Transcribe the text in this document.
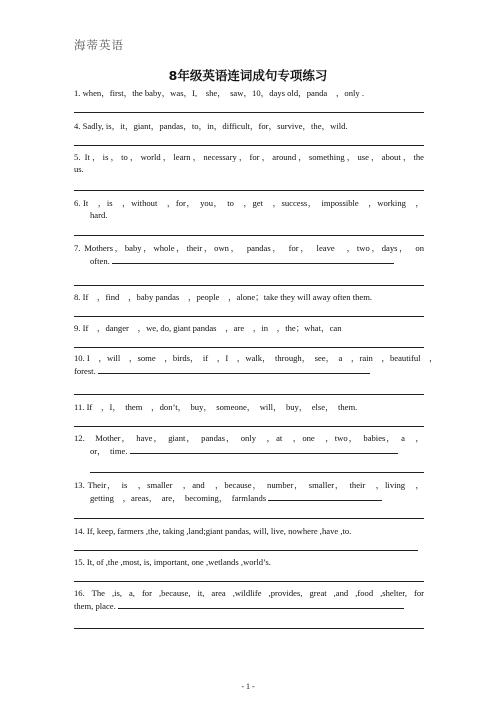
海蒂英语
8年级英语连词成句专项练习
1. when，first，the baby，was，I,　she，　saw，10，days old，panda　，only .
4. Sadly, is，it，giant，pandas，to，in，difficult，for，survive，the，wild.
5. It，is，to，world，learn，necessary，for，around，something，use，about，the
us.
6. It　，is　，without　，for，　you，　to　，get　，success，　impossible　，working　，
hard.
7. Mothers，baby，whole，their，own，　pandas，　for，　leave　，two，days，　on
often.
8. If　，find　，baby pandas　，people　，alone；take they will away often them.
9. If　，danger　，we, do, giant pandas　，are　，in　，the；what，can
10. I　，will　，some　，birds，　if　，I　，walk，　through，　see，　a　，rain　，beautiful　，
forest.
11. If　，I，　them　，don’t，　buy，　someone，　will，　buy，　else，　them.
12.　Mother，　have，　giant，　pandas，　only　，at　，one　，two，　babies，　a　，
or，　time.
13. Their，　is　，smaller　，and　，because，　number，　smaller，　their　，living　，
getting　，areas，　are，　becoming，　farmlands
14. If, keep, farmers ,the, taking ,land;giant pandas, will, live, nowhere ,have ,to.
15. It, of ,the ,most, is, important, one ,wetlands ,world’s.
16. The ,is, a, for ,because, it, area ,wildlife ,provides, great ,and ,food ,shelter, for
them, place.
- 1 -
